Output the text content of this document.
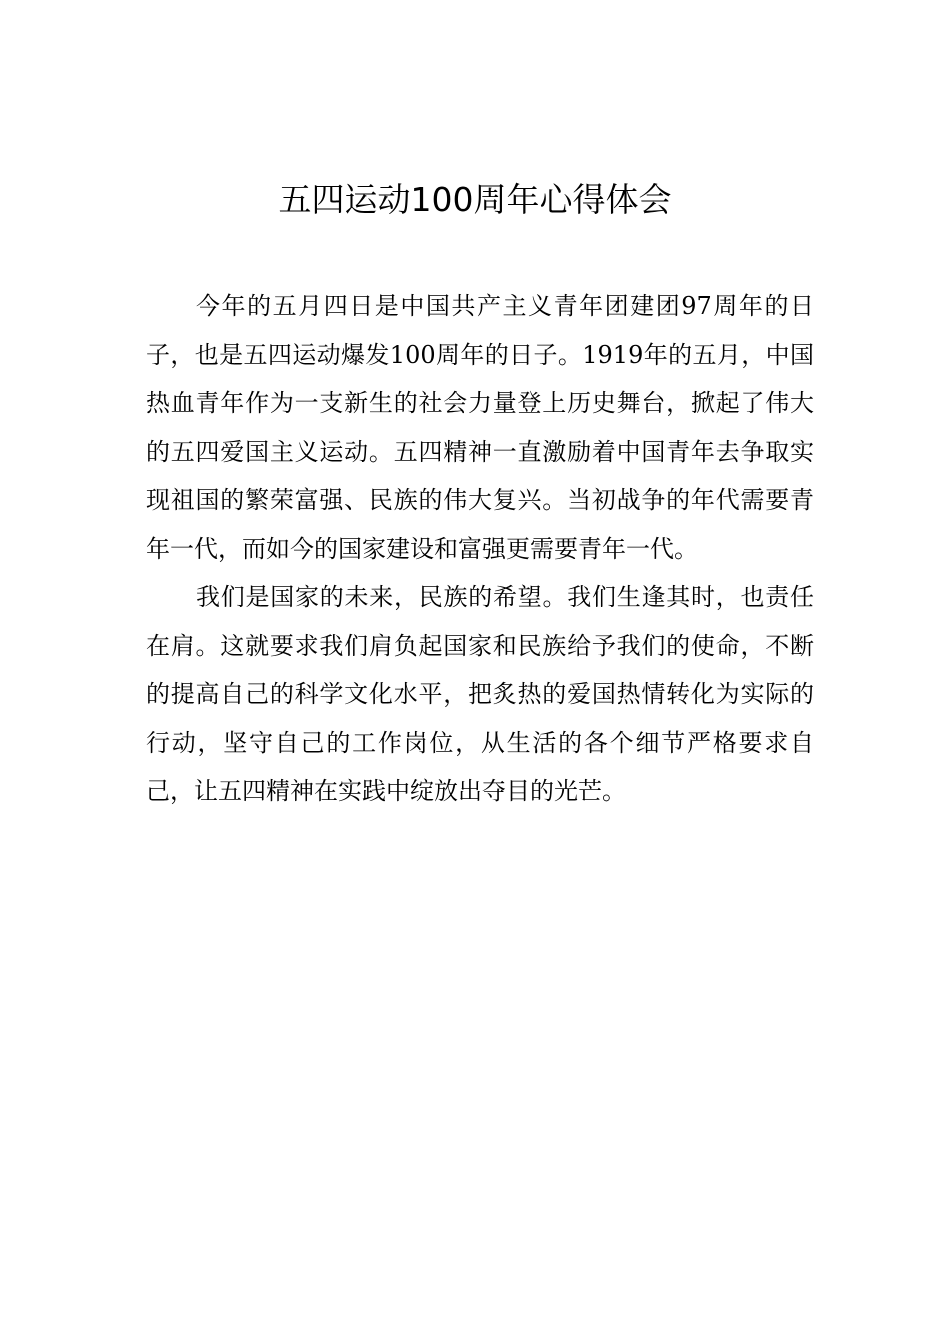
五四运动100周年心得体会

今年的五月四日是中国共产主义青年团建团97周年的日子，也是五四运动爆发100周年的日子。1919年的五月，中国热血青年作为一支新生的社会力量登上历史舞台，掀起了伟大的五四爱国主义运动。五四精神一直激励着中国青年去争取实现祖国的繁荣富强、民族的伟大复兴。当初战争的年代需要青年一代，而如今的国家建设和富强更需要青年一代。

我们是国家的未来，民族的希望。我们生逢其时，也责任在肩。这就要求我们肩负起国家和民族给予我们的使命，不断的提高自己的科学文化水平，把炙热的爱国热情转化为实际的行动，坚守自己的工作岗位，从生活的各个细节严格要求自己，让五四精神在实践中绽放出夺目的光芒。
